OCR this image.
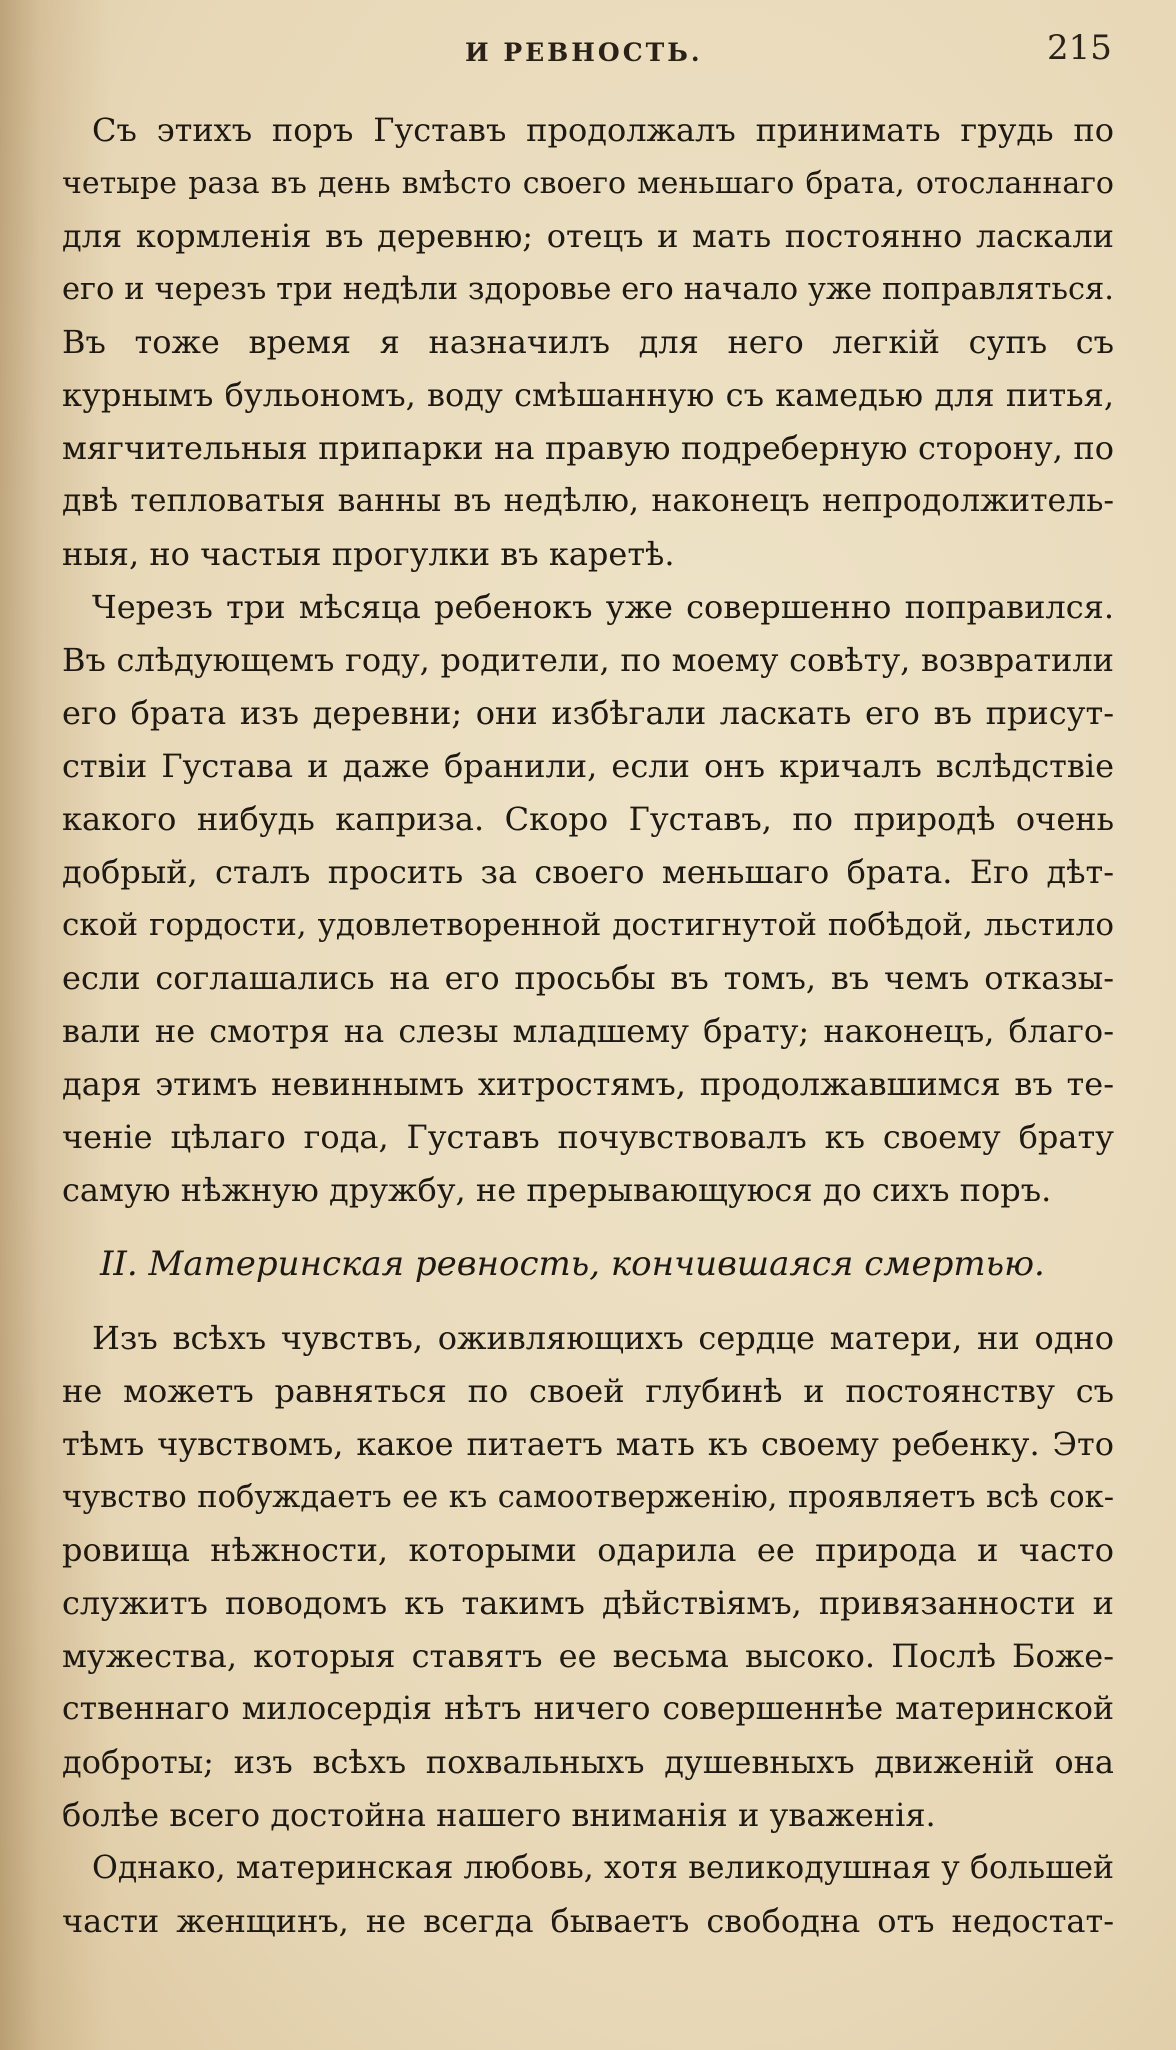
И РЕВНОСТЬ.	215
Съ этихъ поръ Густавъ продолжалъ принимать грудь по
четыре раза въ день вмѣсто своего меньшаго брата, отосланнаго
для кормленія въ деревню; отецъ и мать постоянно ласкали
его и черезъ три недѣли здоровье его начало уже поправляться.
Въ тоже время я назначилъ для него легкій супъ съ
курнымъ бульономъ, воду смѣшанную съ камедью для питья,
мягчительныя припарки на правую подреберную сторону, по
двѣ тепловатыя ванны въ недѣлю, наконецъ непродолжитель-
ныя, но частыя прогулки въ каретѣ.
Черезъ три мѣсяца ребенокъ уже совершенно поправился.
Въ слѣдующемъ году, родители, по моему совѣту, возвратили
его брата изъ деревни; они избѣгали ласкать его въ присут-
ствіи Густава и даже бранили, если онъ кричалъ вслѣдствіе
какого нибудь каприза. Скоро Густавъ, по природѣ очень
добрый, сталъ просить за своего меньшаго брата. Его дѣт-
ской гордости, удовлетворенной достигнутой побѣдой, льстило
если соглашались на его просьбы въ томъ, въ чемъ отказы-
вали не смотря на слезы младшему брату; наконецъ, благо-
даря этимъ невиннымъ хитростямъ, продолжавшимся въ те-
ченіе цѣлаго года, Густавъ почувствовалъ къ своему брату
самую нѣжную дружбу, не прерывающуюся до сихъ поръ.
II. Материнская ревность, кончившаяся смертью.
Изъ всѣхъ чувствъ, оживляющихъ сердце матери, ни одно
не можетъ равняться по своей глубинѣ и постоянству съ
тѣмъ чувствомъ, какое питаетъ мать къ своему ребенку. Это
чувство побуждаетъ ее къ самоотверженію, проявляетъ всѣ сок-
ровища нѣжности, которыми одарила ее природа и часто
служитъ поводомъ къ такимъ дѣйствіямъ, привязанности и
мужества, которыя ставятъ ее весьма высоко. Послѣ Боже-
ственнаго милосердія нѣтъ ничего совершеннѣе материнской
доброты; изъ всѣхъ похвальныхъ душевныхъ движеній она
болѣе всего достойна нашего вниманія и уваженія.
Однако, материнская любовь, хотя великодушная у большей
части женщинъ, не всегда бываетъ свободна отъ недостат-
